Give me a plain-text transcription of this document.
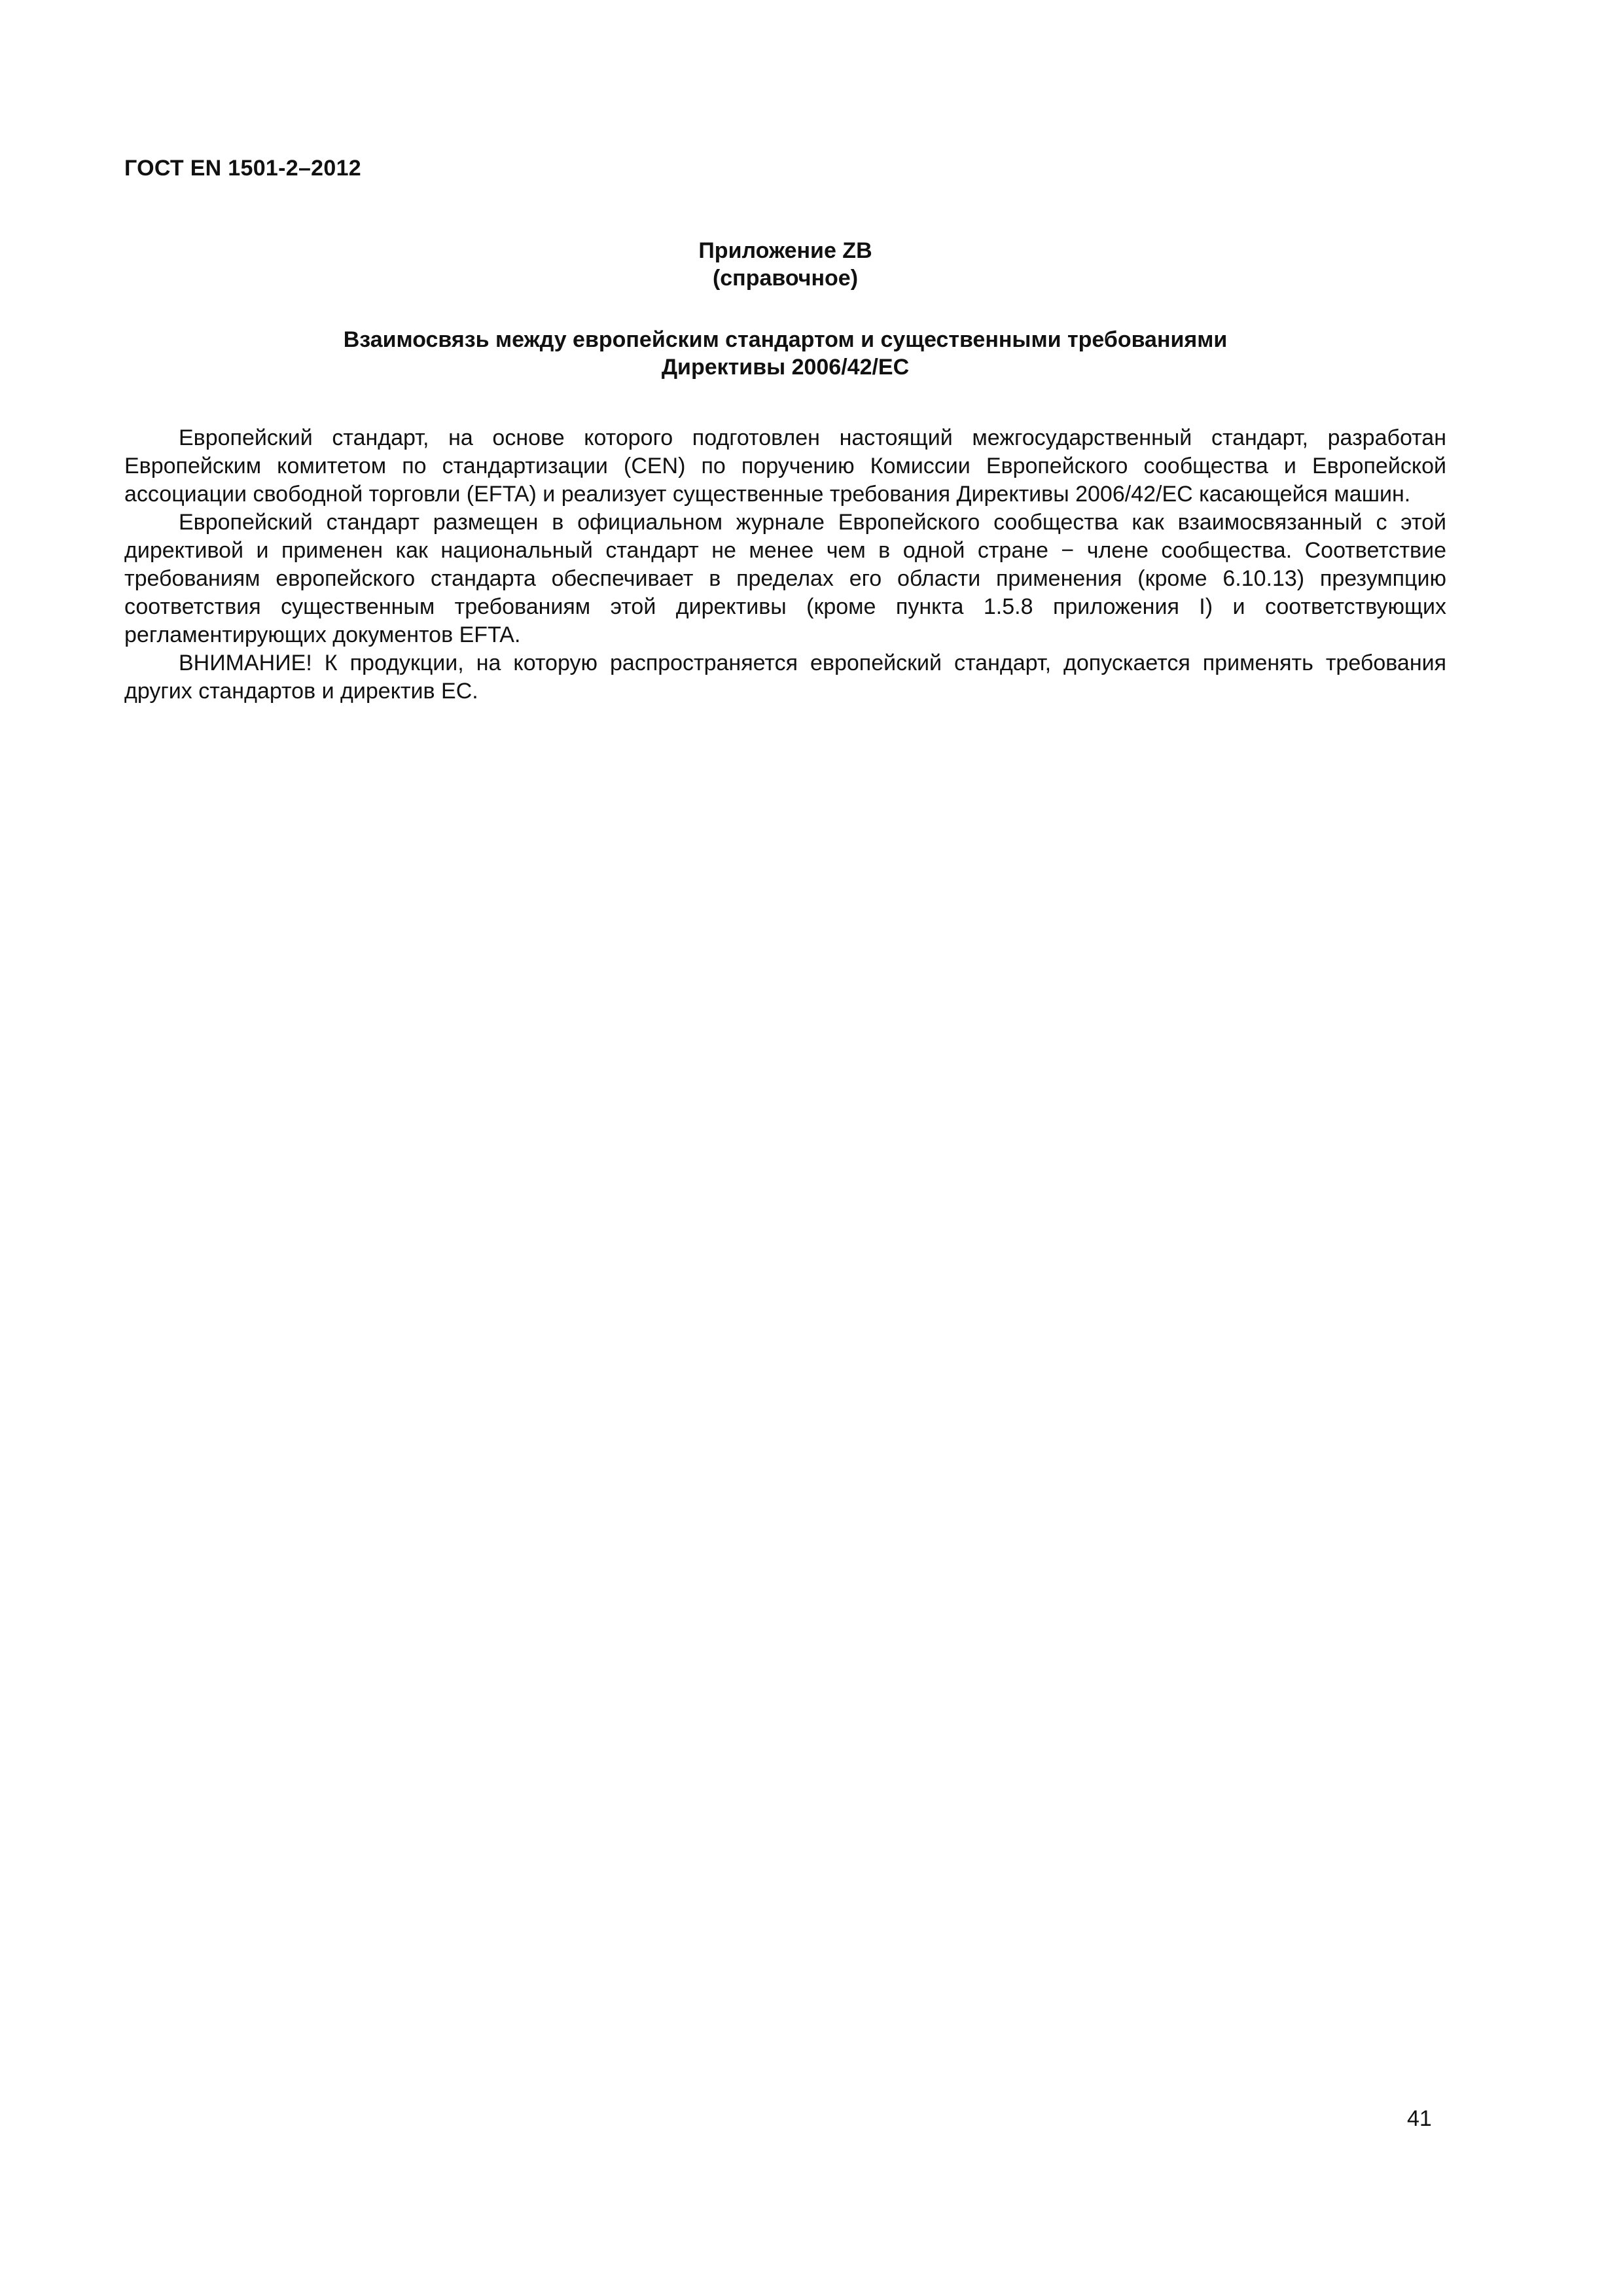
ГОСТ EN 1501-2–2012
Приложение ZB
(справочное)
Взаимосвязь между европейским стандартом и существенными требованиями
Директивы 2006/42/ЕС

Европейский стандарт, на основе которого подготовлен настоящий межгосударственный стандарт, разработан Европейским комитетом по стандартизации (CEN) по поручению Комиссии Европейского сообщества и Европейской ассоциации свободной торговли (EFTA) и реализует существенные требования Директивы 2006/42/ЕС касающейся машин.

Европейский стандарт размещен в официальном журнале Европейского сообщества как взаимосвязанный с этой директивой и применен как национальный стандарт не менее чем в одной стране − члене сообщества. Соответствие требованиям европейского стандарта обеспечивает в пределах его области применения (кроме 6.10.13) презумпцию соответствия существенным требованиям этой директивы (кроме пункта 1.5.8 приложения I) и соответствующих регламентирующих документов EFTA.

ВНИМАНИЕ! К продукции, на которую распространяется европейский стандарт, допускается применять требования других стандартов и директив ЕС.

41
